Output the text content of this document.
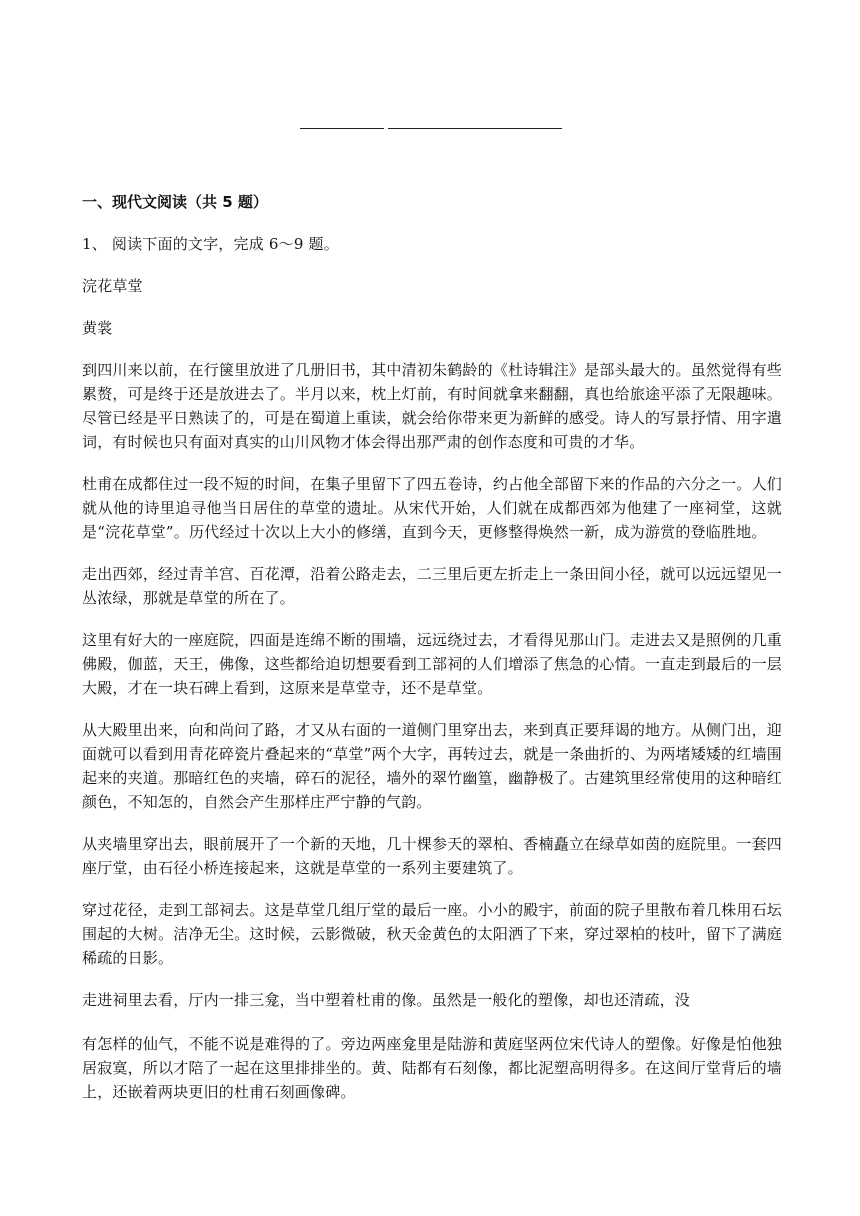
一、现代文阅读（共 5 题）
1、 阅读下面的文字，完成 6～9 题。
浣花草堂
黄裳
到四川来以前，在行箧里放进了几册旧书，其中清初朱鹤龄的《杜诗辑注》是部头最大的。虽然觉得有些累赘，可是终于还是放进去了。半月以来，枕上灯前，有时间就拿来翻翻，真也给旅途平添了无限趣味。尽管已经是平日熟读了的，可是在蜀道上重读，就会给你带来更为新鲜的感受。诗人的写景抒情、用字遣词，有时候也只有面对真实的山川风物才体会得出那严肃的创作态度和可贵的才华。
杜甫在成都住过一段不短的时间，在集子里留下了四五卷诗，约占他全部留下来的作品的六分之一。人们就从他的诗里追寻他当日居住的草堂的遗址。从宋代开始，人们就在成都西郊为他建了一座祠堂，这就是“浣花草堂”。历代经过十次以上大小的修缮，直到今天，更修整得焕然一新，成为游赏的登临胜地。
走出西郊，经过青羊宫、百花潭，沿着公路走去，二三里后更左折走上一条田间小径，就可以远远望见一丛浓绿，那就是草堂的所在了。
这里有好大的一座庭院，四面是连绵不断的围墙，远远绕过去，才看得见那山门。走进去又是照例的几重佛殿，伽蓝，天王，佛像，这些都给迫切想要看到工部祠的人们增添了焦急的心情。一直走到最后的一层大殿，才在一块石碑上看到，这原来是草堂寺，还不是草堂。
从大殿里出来，向和尚问了路，才又从右面的一道侧门里穿出去，来到真正要拜谒的地方。从侧门出，迎面就可以看到用青花碎瓷片叠起来的“草堂”两个大字，再转过去，就是一条曲折的、为两堵矮矮的红墙围起来的夹道。那暗红色的夹墙，碎石的泥径，墙外的翠竹幽篁，幽静极了。古建筑里经常使用的这种暗红颜色，不知怎的，自然会产生那样庄严宁静的气韵。
从夹墙里穿出去，眼前展开了一个新的天地，几十棵参天的翠柏、香楠矗立在绿草如茵的庭院里。一套四座厅堂，由石径小桥连接起来，这就是草堂的一系列主要建筑了。
穿过花径，走到工部祠去。这是草堂几组厅堂的最后一座。小小的殿宇，前面的院子里散布着几株用石坛围起的大树。洁净无尘。这时候，云影微破，秋天金黄色的太阳洒了下来，穿过翠柏的枝叶，留下了满庭稀疏的日影。
走进祠里去看，厅内一排三龛，当中塑着杜甫的像。虽然是一般化的塑像，却也还清疏，没
有怎样的仙气，不能不说是难得的了。旁边两座龛里是陆游和黄庭坚两位宋代诗人的塑像。好像是怕他独居寂寞，所以才陪了一起在这里排排坐的。黄、陆都有石刻像，都比泥塑高明得多。在这间厅堂背后的墙上，还嵌着两块更旧的杜甫石刻画像碑。
